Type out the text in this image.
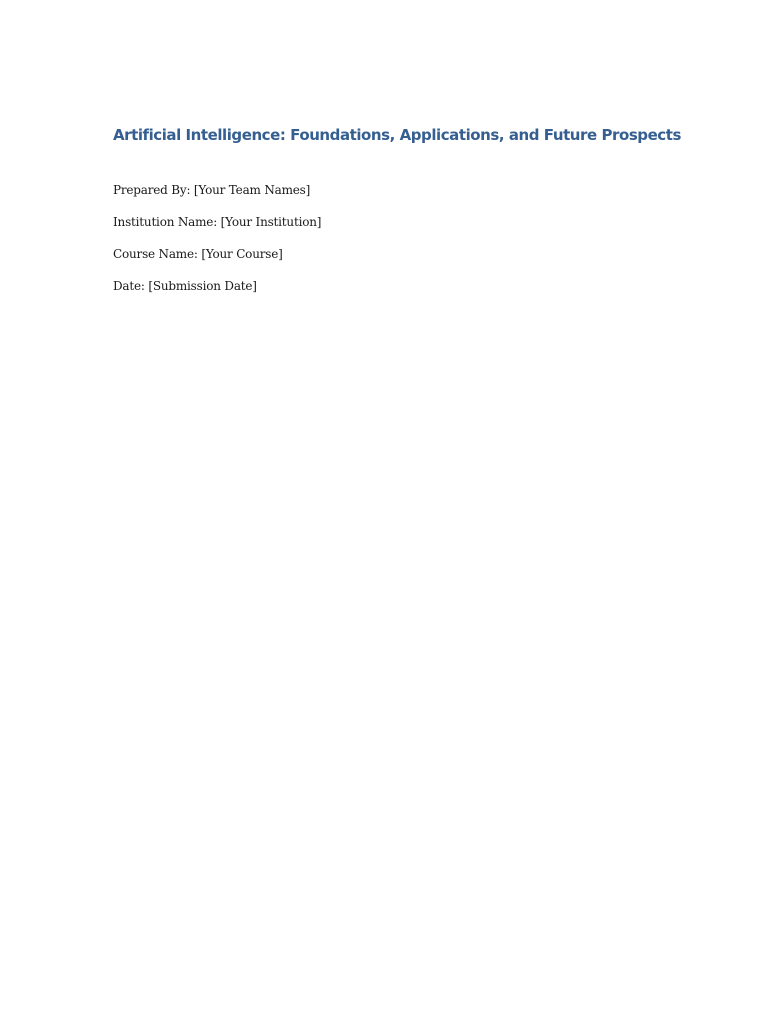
Artificial Intelligence: Foundations, Applications, and Future Prospects

Prepared By: [Your Team Names]

Institution Name: [Your Institution]

Course Name: [Your Course]

Date: [Submission Date]
